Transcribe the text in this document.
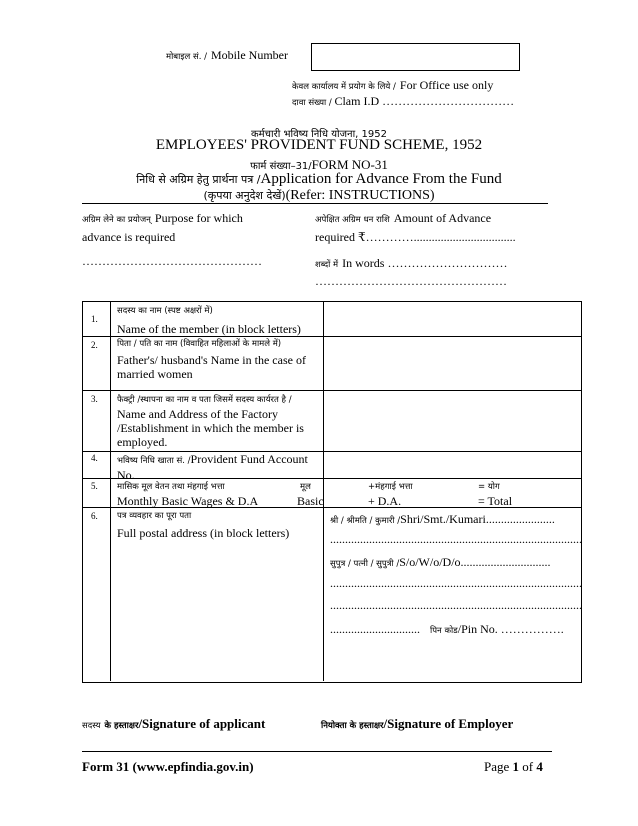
मोबाइल सं. / Mobile Number
केवल कार्यालय में प्रयोग के लिये / For Office use only
दावा संख्या / Clam I.D ……………………………
कर्मचारी भविष्य निधि योजना, 1952
EMPLOYEES' PROVIDENT FUND SCHEME, 1952
फार्म संख्या–31/FORM NO-31
निधि से अग्रिम हेतु प्रार्थना पत्र /Application for Advance From the Fund
(कृपया अनुदेश देखें)(Refer: INSTRUCTIONS)
अग्रिम लेने का प्रयोजन् Purpose for which
advance is required
………………………………………
अपेक्षित अग्रिम धन राशि Amount of Advance
required ₹…………..................................
शब्दों में In words …………………………
…………………………………………
1.
सदस्य का नाम (स्पष्ट अक्षरों में)
Name of the member (in block letters)
2. पिता / पति का नाम (विवाहित महिलाओं के मामले में)
Father's/ husband's Name in the case of married women
3. फैक्ट्री /स्थापना का नाम व पता जिसमें सदस्य कार्यरत है / Name and Address of the Factory /Establishment in which the member is employed.
4. भविष्य निधि खाता सं. /Provident Fund Account No.
5. मासिक मूल वेतन तथा मंहगाई भत्ता
Monthly Basic Wages & D.A
मूल
Basic
+मंहगाई भत्ता
+ D.A.
= योग
= Total
6. पत्र व्यवहार का पूरा पता
Full postal address (in block letters)
श्री / श्रीमति / कुमारी /Shri/Smt./Kumari.......................
....................................................................................
सुपुत्र / पत्नी / सुपुत्री /S/o/W/o/D/o..............................
....................................................................................
....................................................................................
.............................. पिन कोड/Pin No. …………….
सदस्य के हस्ताक्षर/Signature of applicant	नियोक्ता के हस्ताक्षर/Signature of Employer
Form 31 (www.epfindia.gov.in)	Page 1 of 4
